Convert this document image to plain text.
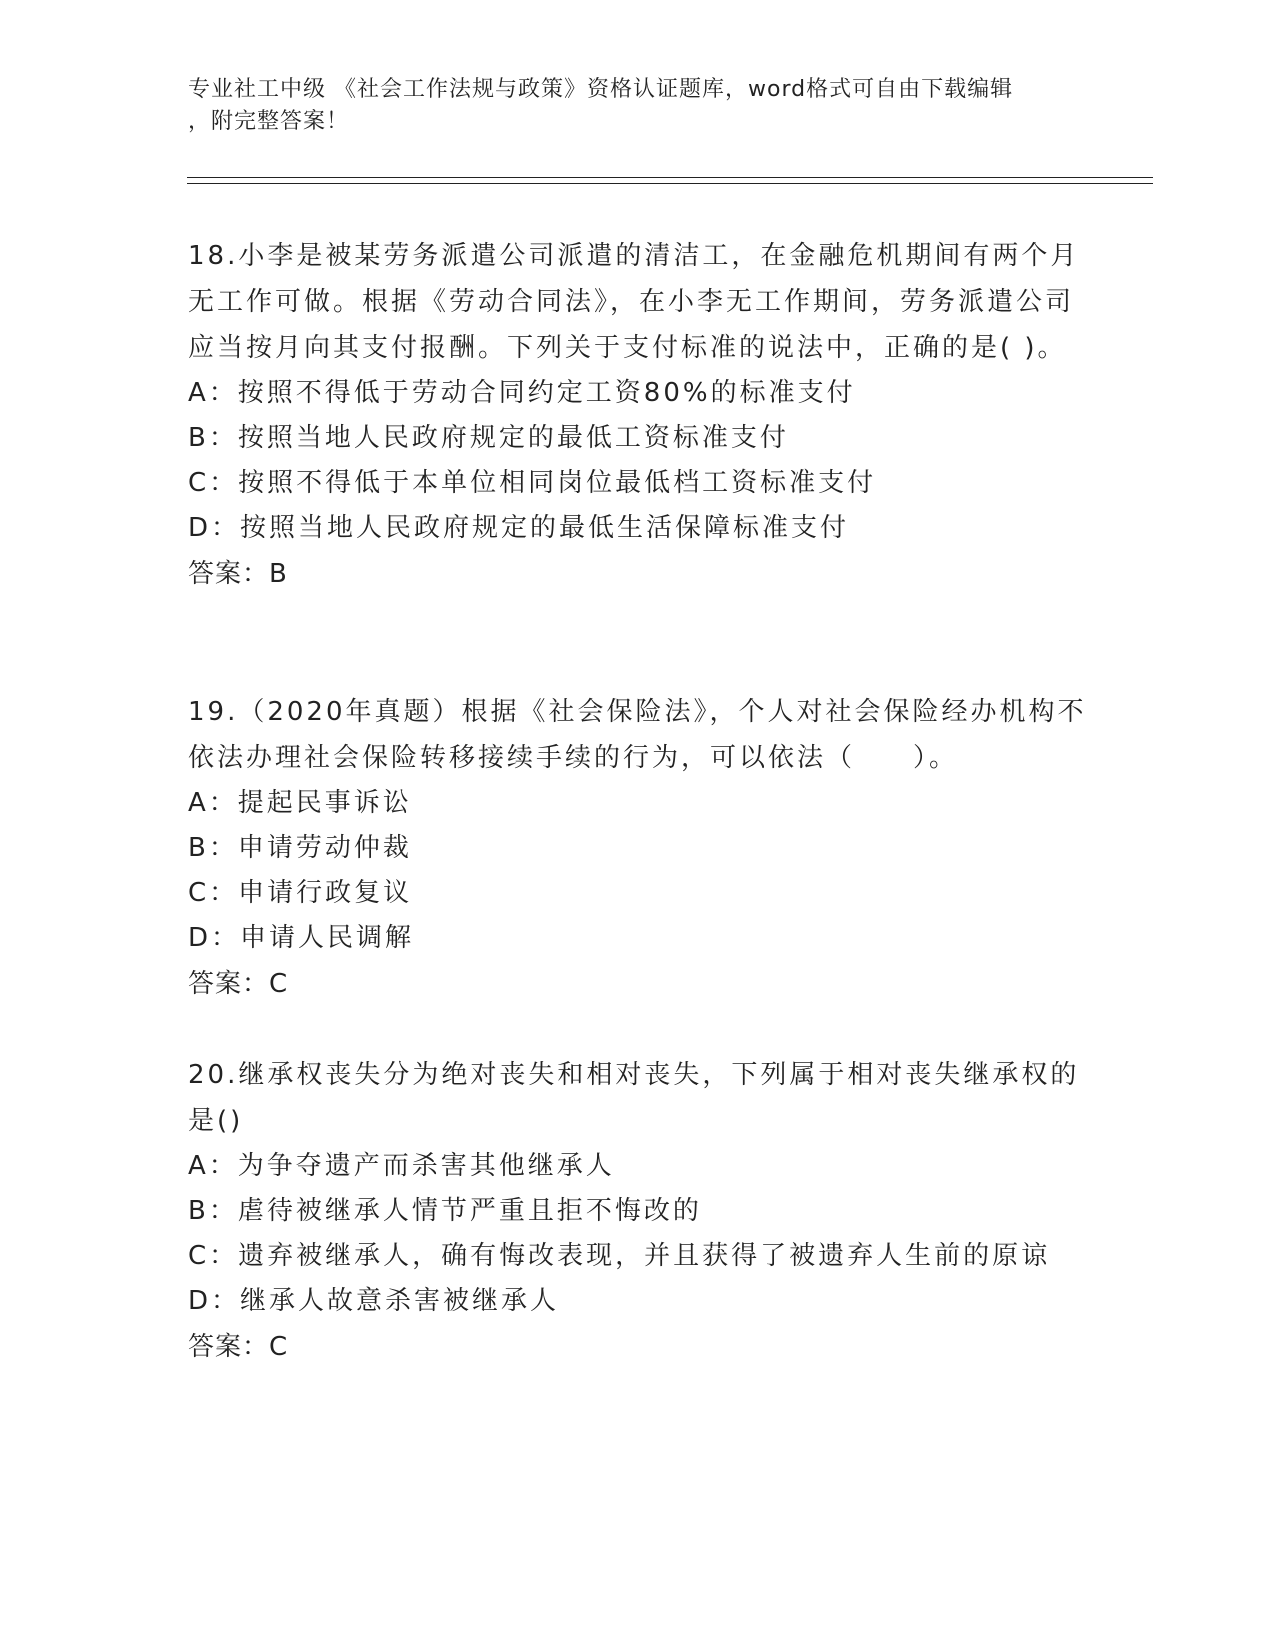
专业社工中级 《社会工作法规与政策》资格认证题库，word格式可自由下载编辑
，附完整答案！

18.小李是被某劳务派遣公司派遣的清洁工，在金融危机期间有两个月无工作可做。根据《劳动合同法》，在小李无工作期间，劳务派遣公司应当按月向其支付报酬。下列关于支付标准的说法中，正确的是( )。

A：按照不得低于劳动合同约定工资80%的标准支付

B：按照当地人民政府规定的最低工资标准支付

C：按照不得低于本单位相同岗位最低档工资标准支付

D：按照当地人民政府规定的最低生活保障标准支付

答案：B

19.（2020年真题）根据《社会保险法》，个人对社会保险经办机构不依法办理社会保险转移接续手续的行为，可以依法（　　）。

A：提起民事诉讼

B：申请劳动仲裁

C：申请行政复议

D：申请人民调解

答案：C

20.继承权丧失分为绝对丧失和相对丧失，下列属于相对丧失继承权的是()

A：为争夺遗产而杀害其他继承人

B：虐待被继承人情节严重且拒不悔改的

C：遗弃被继承人，确有悔改表现，并且获得了被遗弃人生前的原谅

D：继承人故意杀害被继承人

答案：C
